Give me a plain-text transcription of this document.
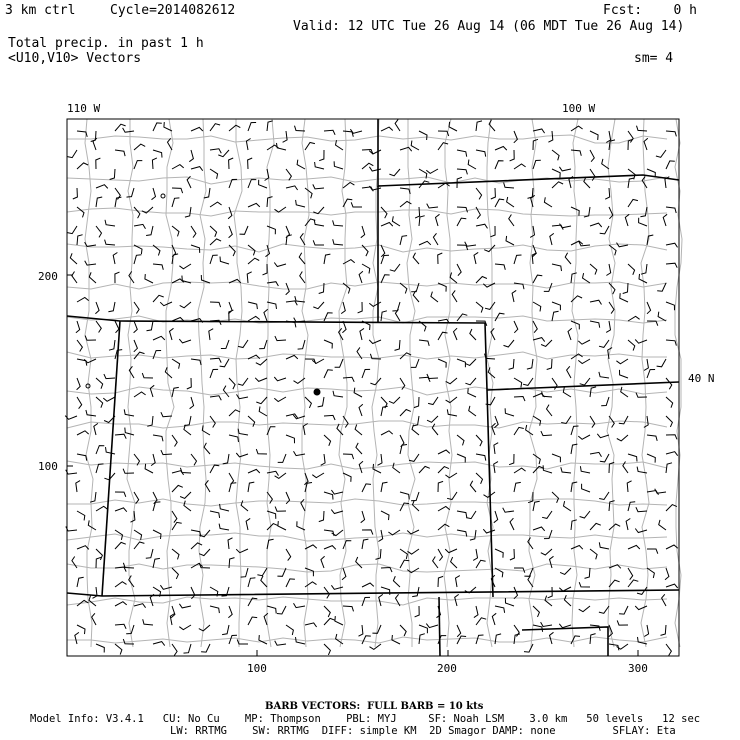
3 km ctrl	Cycle=2014082612	Fcst:    0 h
Valid: 12 UTC Tue 26 Aug 14 (06 MDT Tue 26 Aug 14)
Total precip. in past 1 h
<U10,V10> Vectors	sm= 4
110 W	100 W
40 N
200
100
100	200	300
BARB VECTORS:  FULL BARB = 10 kts
Model Info: V3.4.1   CU: No Cu    MP: Thompson    PBL: MYJ     SF: Noah LSM    3.0 km   50 levels   12 sec
LW: RRTMG    SW: RRTMG  DIFF: simple KM  2D Smagor DAMP: none         SFLAY: Eta
